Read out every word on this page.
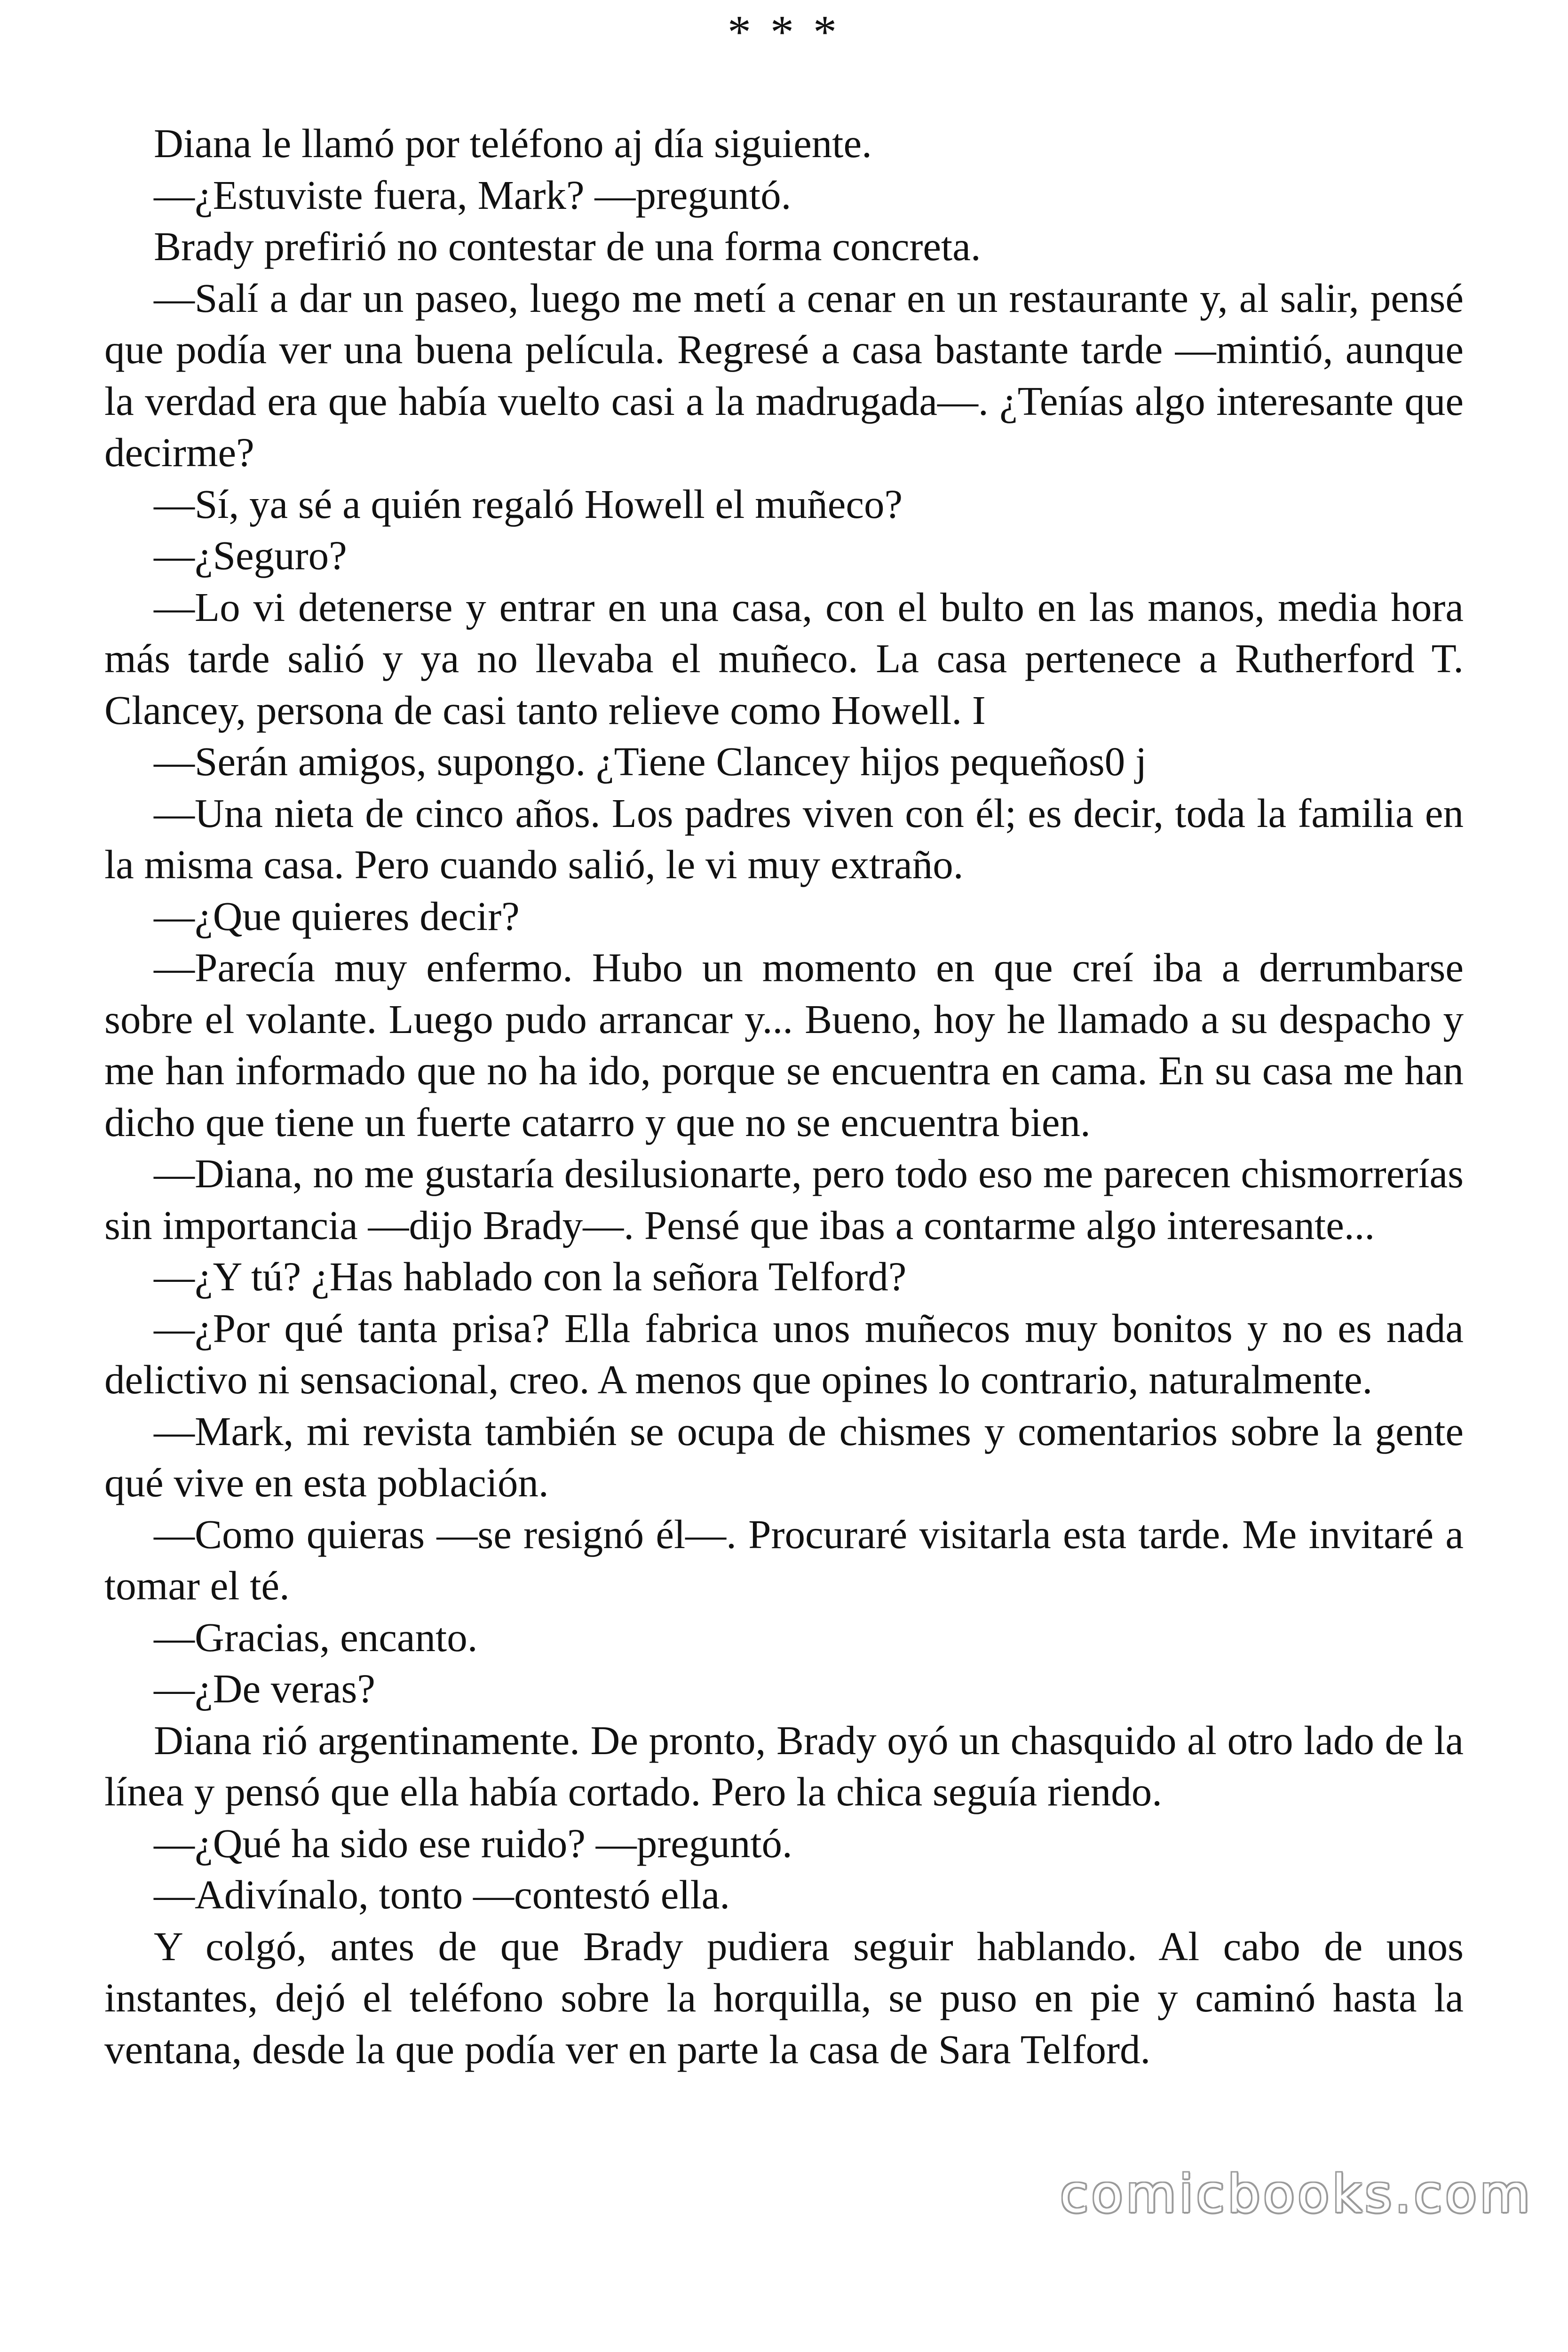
* * *

Diana le llamó por teléfono aj día siguiente.

—¿Estuviste fuera, Mark? —preguntó.

Brady prefirió no contestar de una forma concreta.

—Salí a dar un paseo, luego me metí a cenar en un restaurante y, al salir, pensé que podía ver una buena película. Regresé a casa bastante tarde —mintió, aunque la verdad era que había vuelto casi a la madrugada—. ¿Tenías algo interesante que decirme?

—Sí, ya sé a quién regaló Howell el muñeco?

—¿Seguro?

—Lo vi detenerse y entrar en una casa, con el bulto en las manos, media hora más tarde salió y ya no llevaba el muñeco. La casa pertenece a Rutherford T. Clancey, persona de casi tanto relieve como Howell. I

—Serán amigos, supongo. ¿Tiene Clancey hijos pequeños0 j

—Una nieta de cinco años. Los padres viven con él; es decir, toda la familia en la misma casa. Pero cuando salió, le vi muy extraño.

—¿Que quieres decir?

—Parecía muy enfermo. Hubo un momento en que creí iba a derrumbarse sobre el volante. Luego pudo arrancar y... Bueno, hoy he llamado a su despacho y me han informado que no ha ido, porque se encuentra en cama. En su casa me han dicho que tiene un fuerte catarro y que no se encuentra bien.

—Diana, no me gustaría desilusionarte, pero todo eso me parecen chismorrerías sin importancia —dijo Brady—. Pensé que ibas a contarme algo interesante...

—¿Y tú? ¿Has hablado con la señora Telford?

—¿Por qué tanta prisa? Ella fabrica unos muñecos muy bonitos y no es nada delictivo ni sensacional, creo. A menos que opines lo contrario, naturalmente.

—Mark, mi revista también se ocupa de chismes y comentarios sobre la gente qué vive en esta población.

—Como quieras —se resignó él—. Procuraré visitarla esta tarde. Me invitaré a tomar el té.

—Gracias, encanto.

—¿De veras?

Diana rió argentinamente. De pronto, Brady oyó un chasquido al otro lado de la línea y pensó que ella había cortado. Pero la chica seguía riendo.

—¿Qué ha sido ese ruido? —preguntó.

—Adivínalo, tonto —contestó ella.

Y colgó, antes de que Brady pudiera seguir hablando. Al cabo de unos instantes, dejó el teléfono sobre la horquilla, se puso en pie y caminó hasta la ventana, desde la que podía ver en parte la casa de Sara Telford.

comicbooks.com
